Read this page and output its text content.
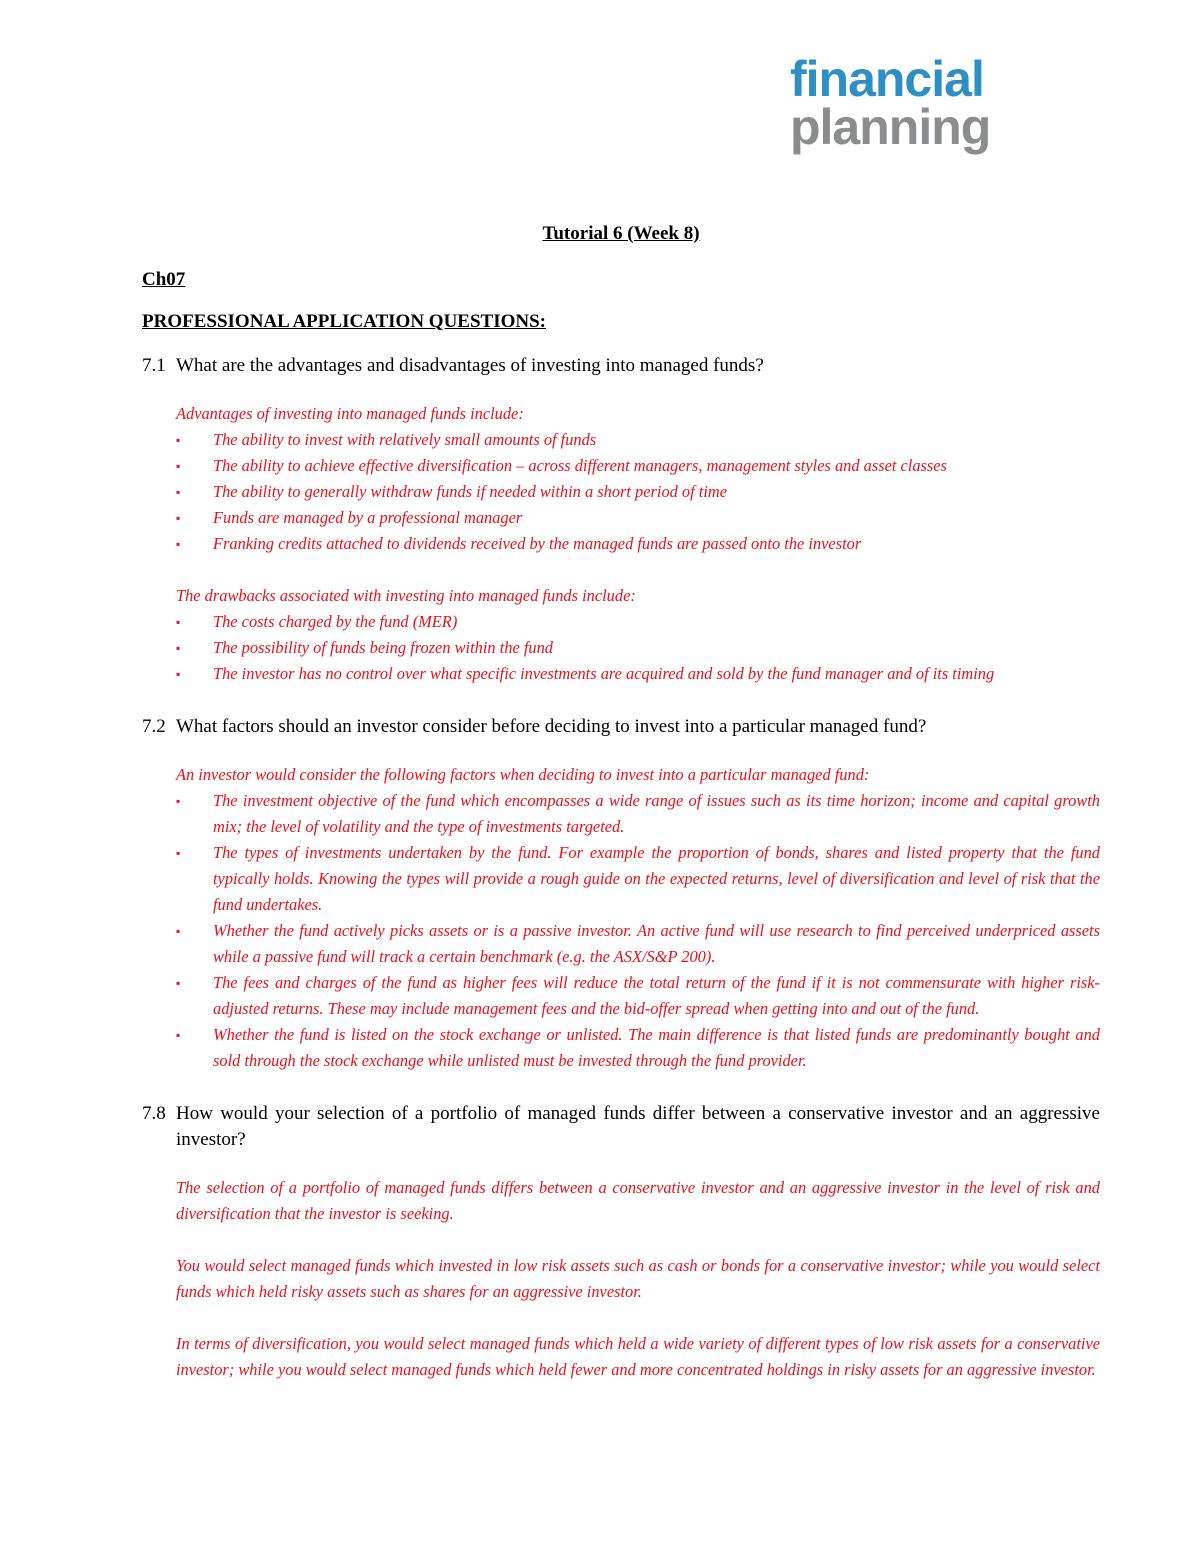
financial
planning

Tutorial 6 (Week 8)

Ch07

PROFESSIONAL APPLICATION QUESTIONS:

7.1 What are the advantages and disadvantages of investing into managed funds?

Advantages of investing into managed funds include:

▪ The ability to invest with relatively small amounts of funds
▪ The ability to achieve effective diversification – across different managers, management styles and asset classes
▪ The ability to generally withdraw funds if needed within a short period of time
▪ Funds are managed by a professional manager
▪ Franking credits attached to dividends received by the managed funds are passed onto the investor

The drawbacks associated with investing into managed funds include:

▪ The costs charged by the fund (MER)
▪ The possibility of funds being frozen within the fund
▪ The investor has no control over what specific investments are acquired and sold by the fund manager and of its timing
7.2 What factors should an investor consider before deciding to invest into a particular managed fund?

An investor would consider the following factors when deciding to invest into a particular managed fund:

▪ The investment objective of the fund which encompasses a wide range of issues such as its time horizon; income and capital growth mix; the level of volatility and the type of investments targeted.
▪ The types of investments undertaken by the fund. For example the proportion of bonds, shares and listed property that the fund typically holds. Knowing the types will provide a rough guide on the expected returns, level of diversification and level of risk that the fund undertakes.
▪ Whether the fund actively picks assets or is a passive investor. An active fund will use research to find perceived underpriced assets while a passive fund will track a certain benchmark (e.g. the ASX/S&P 200).
▪ The fees and charges of the fund as higher fees will reduce the total return of the fund if it is not commensurate with higher risk-adjusted returns. These may include management fees and the bid-offer spread when getting into and out of the fund.
▪ Whether the fund is listed on the stock exchange or unlisted. The main difference is that listed funds are predominantly bought and sold through the stock exchange while unlisted must be invested through the fund provider.
7.8 How would your selection of a portfolio of managed funds differ between a conservative investor and an aggressive investor?

The selection of a portfolio of managed funds differs between a conservative investor and an aggressive investor in the level of risk and diversification that the investor is seeking.

You would select managed funds which invested in low risk assets such as cash or bonds for a conservative investor; while you would select funds which held risky assets such as shares for an aggressive investor.

In terms of diversification, you would select managed funds which held a wide variety of different types of low risk assets for a conservative investor; while you would select managed funds which held fewer and more concentrated holdings in risky assets for an aggressive investor.
